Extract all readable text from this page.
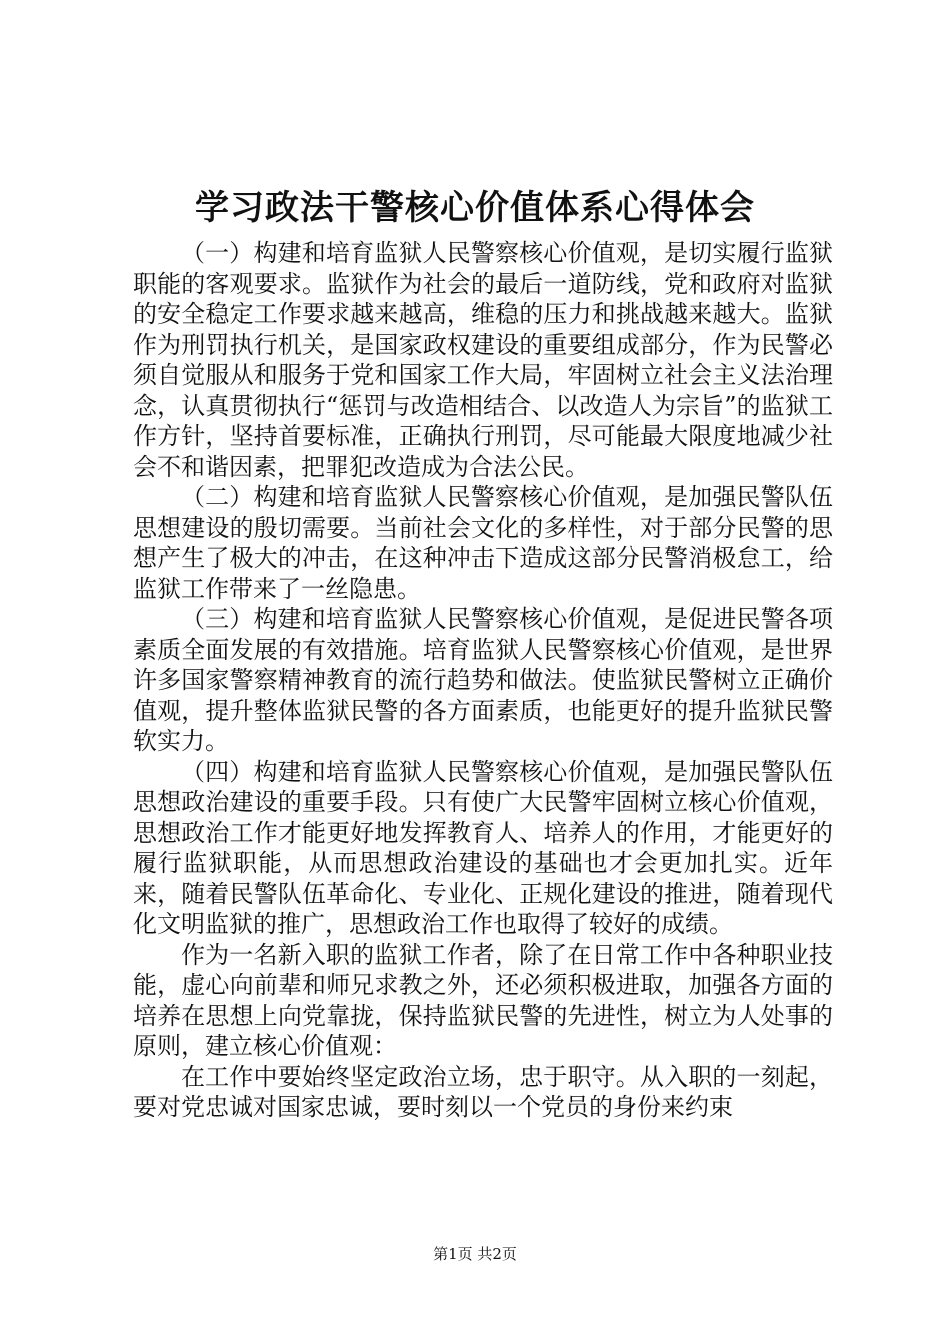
学习政法干警核心价值体系心得体会

（一）构建和培育监狱人民警察核心价值观，是切实履行监狱职能的客观要求。监狱作为社会的最后一道防线，党和政府对监狱的安全稳定工作要求越来越高，维稳的压力和挑战越来越大。监狱作为刑罚执行机关，是国家政权建设的重要组成部分，作为民警必须自觉服从和服务于党和国家工作大局，牢固树立社会主义法治理念，认真贯彻执行“惩罚与改造相结合、以改造人为宗旨”的监狱工作方针，坚持首要标准，正确执行刑罚，尽可能最大限度地减少社会不和谐因素，把罪犯改造成为合法公民。

（二）构建和培育监狱人民警察核心价值观，是加强民警队伍思想建设的殷切需要。当前社会文化的多样性，对于部分民警的思想产生了极大的冲击，在这种冲击下造成这部分民警消极怠工，给监狱工作带来了一丝隐患。

（三）构建和培育监狱人民警察核心价值观，是促进民警各项素质全面发展的有效措施。培育监狱人民警察核心价值观，是世界许多国家警察精神教育的流行趋势和做法。使监狱民警树立正确价值观，提升整体监狱民警的各方面素质，也能更好的提升监狱民警软实力。

（四）构建和培育监狱人民警察核心价值观，是加强民警队伍思想政治建设的重要手段。只有使广大民警牢固树立核心价值观，思想政治工作才能更好地发挥教育人、培养人的作用，才能更好的履行监狱职能，从而思想政治建设的基础也才会更加扎实。近年来，随着民警队伍革命化、专业化、正规化建设的推进，随着现代化文明监狱的推广，思想政治工作也取得了较好的成绩。

作为一名新入职的监狱工作者，除了在日常工作中各种职业技能，虚心向前辈和师兄求教之外，还必须积极进取，加强各方面的培养在思想上向党靠拢，保持监狱民警的先进性，树立为人处事的原则，建立核心价值观：

在工作中要始终坚定政治立场，忠于职守。从入职的一刻起，要对党忠诚对国家忠诚，要时刻以一个党员的身份来约束

第1页 共2页
